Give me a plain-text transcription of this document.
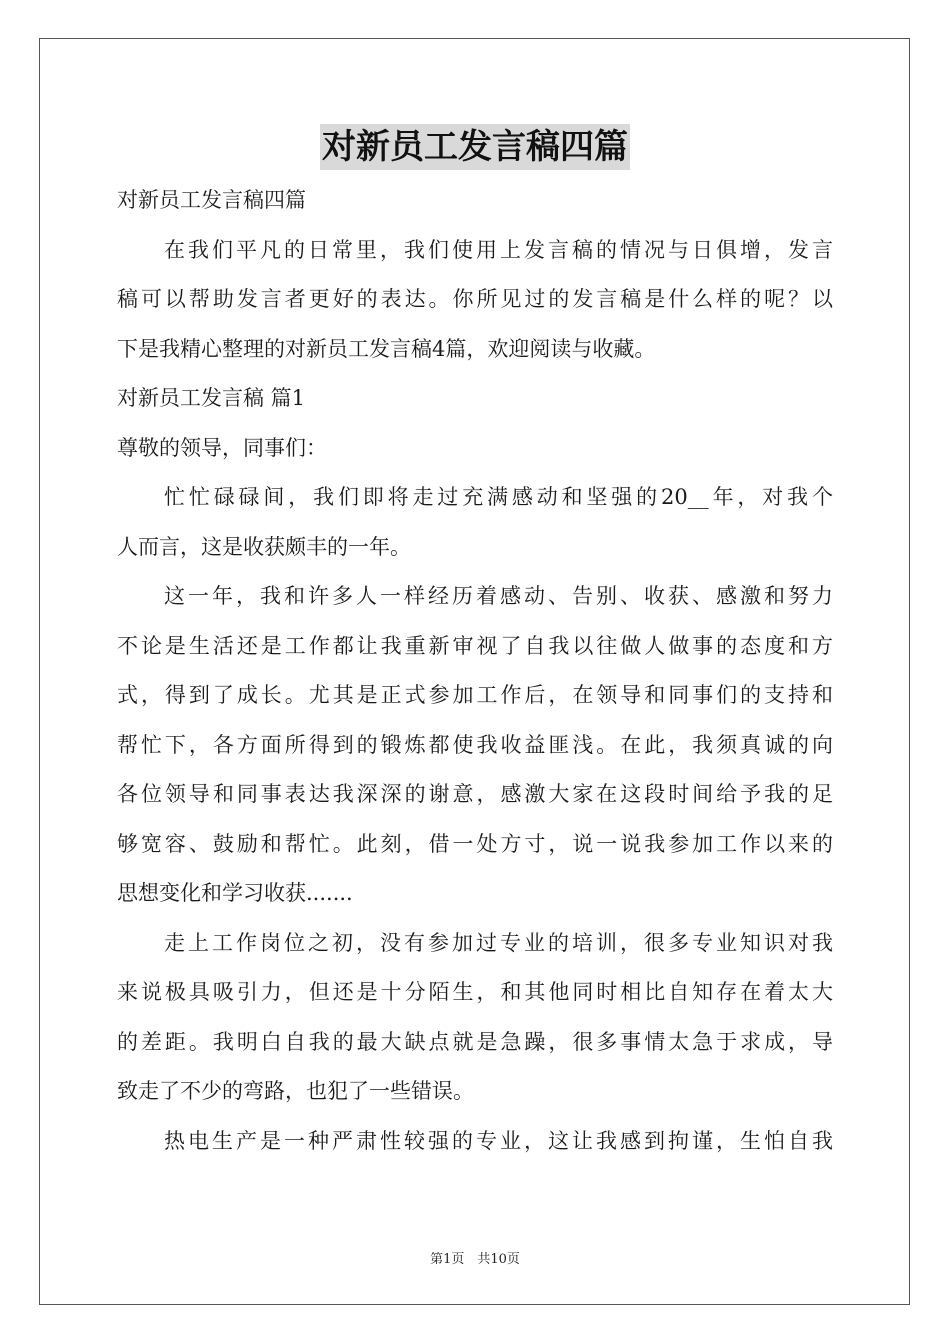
对新员工发言稿四篇
对新员工发言稿四篇
在我们平凡的日常里，我们使用上发言稿的情况与日俱增，发言
稿可以帮助发言者更好的表达。你所见过的发言稿是什么样的呢？以
下是我精心整理的对新员工发言稿4篇，欢迎阅读与收藏。
对新员工发言稿 篇1
尊敬的领导，同事们：
忙忙碌碌间，我们即将走过充满感动和坚强的20__年，对我个
人而言，这是收获颇丰的一年。
这一年，我和许多人一样经历着感动、告别、收获、感激和努力
不论是生活还是工作都让我重新审视了自我以往做人做事的态度和方
式，得到了成长。尤其是正式参加工作后，在领导和同事们的支持和
帮忙下，各方面所得到的锻炼都使我收益匪浅。在此，我须真诚的向
各位领导和同事表达我深深的谢意，感激大家在这段时间给予我的足
够宽容、鼓励和帮忙。此刻，借一处方寸，说一说我参加工作以来的
思想变化和学习收获.......
走上工作岗位之初，没有参加过专业的培训，很多专业知识对我
来说极具吸引力，但还是十分陌生，和其他同时相比自知存在着太大
的差距。我明白自我的最大缺点就是急躁，很多事情太急于求成，导
致走了不少的弯路，也犯了一些错误。
热电生产是一种严肃性较强的专业，这让我感到拘谨，生怕自我
第1页　共10页
